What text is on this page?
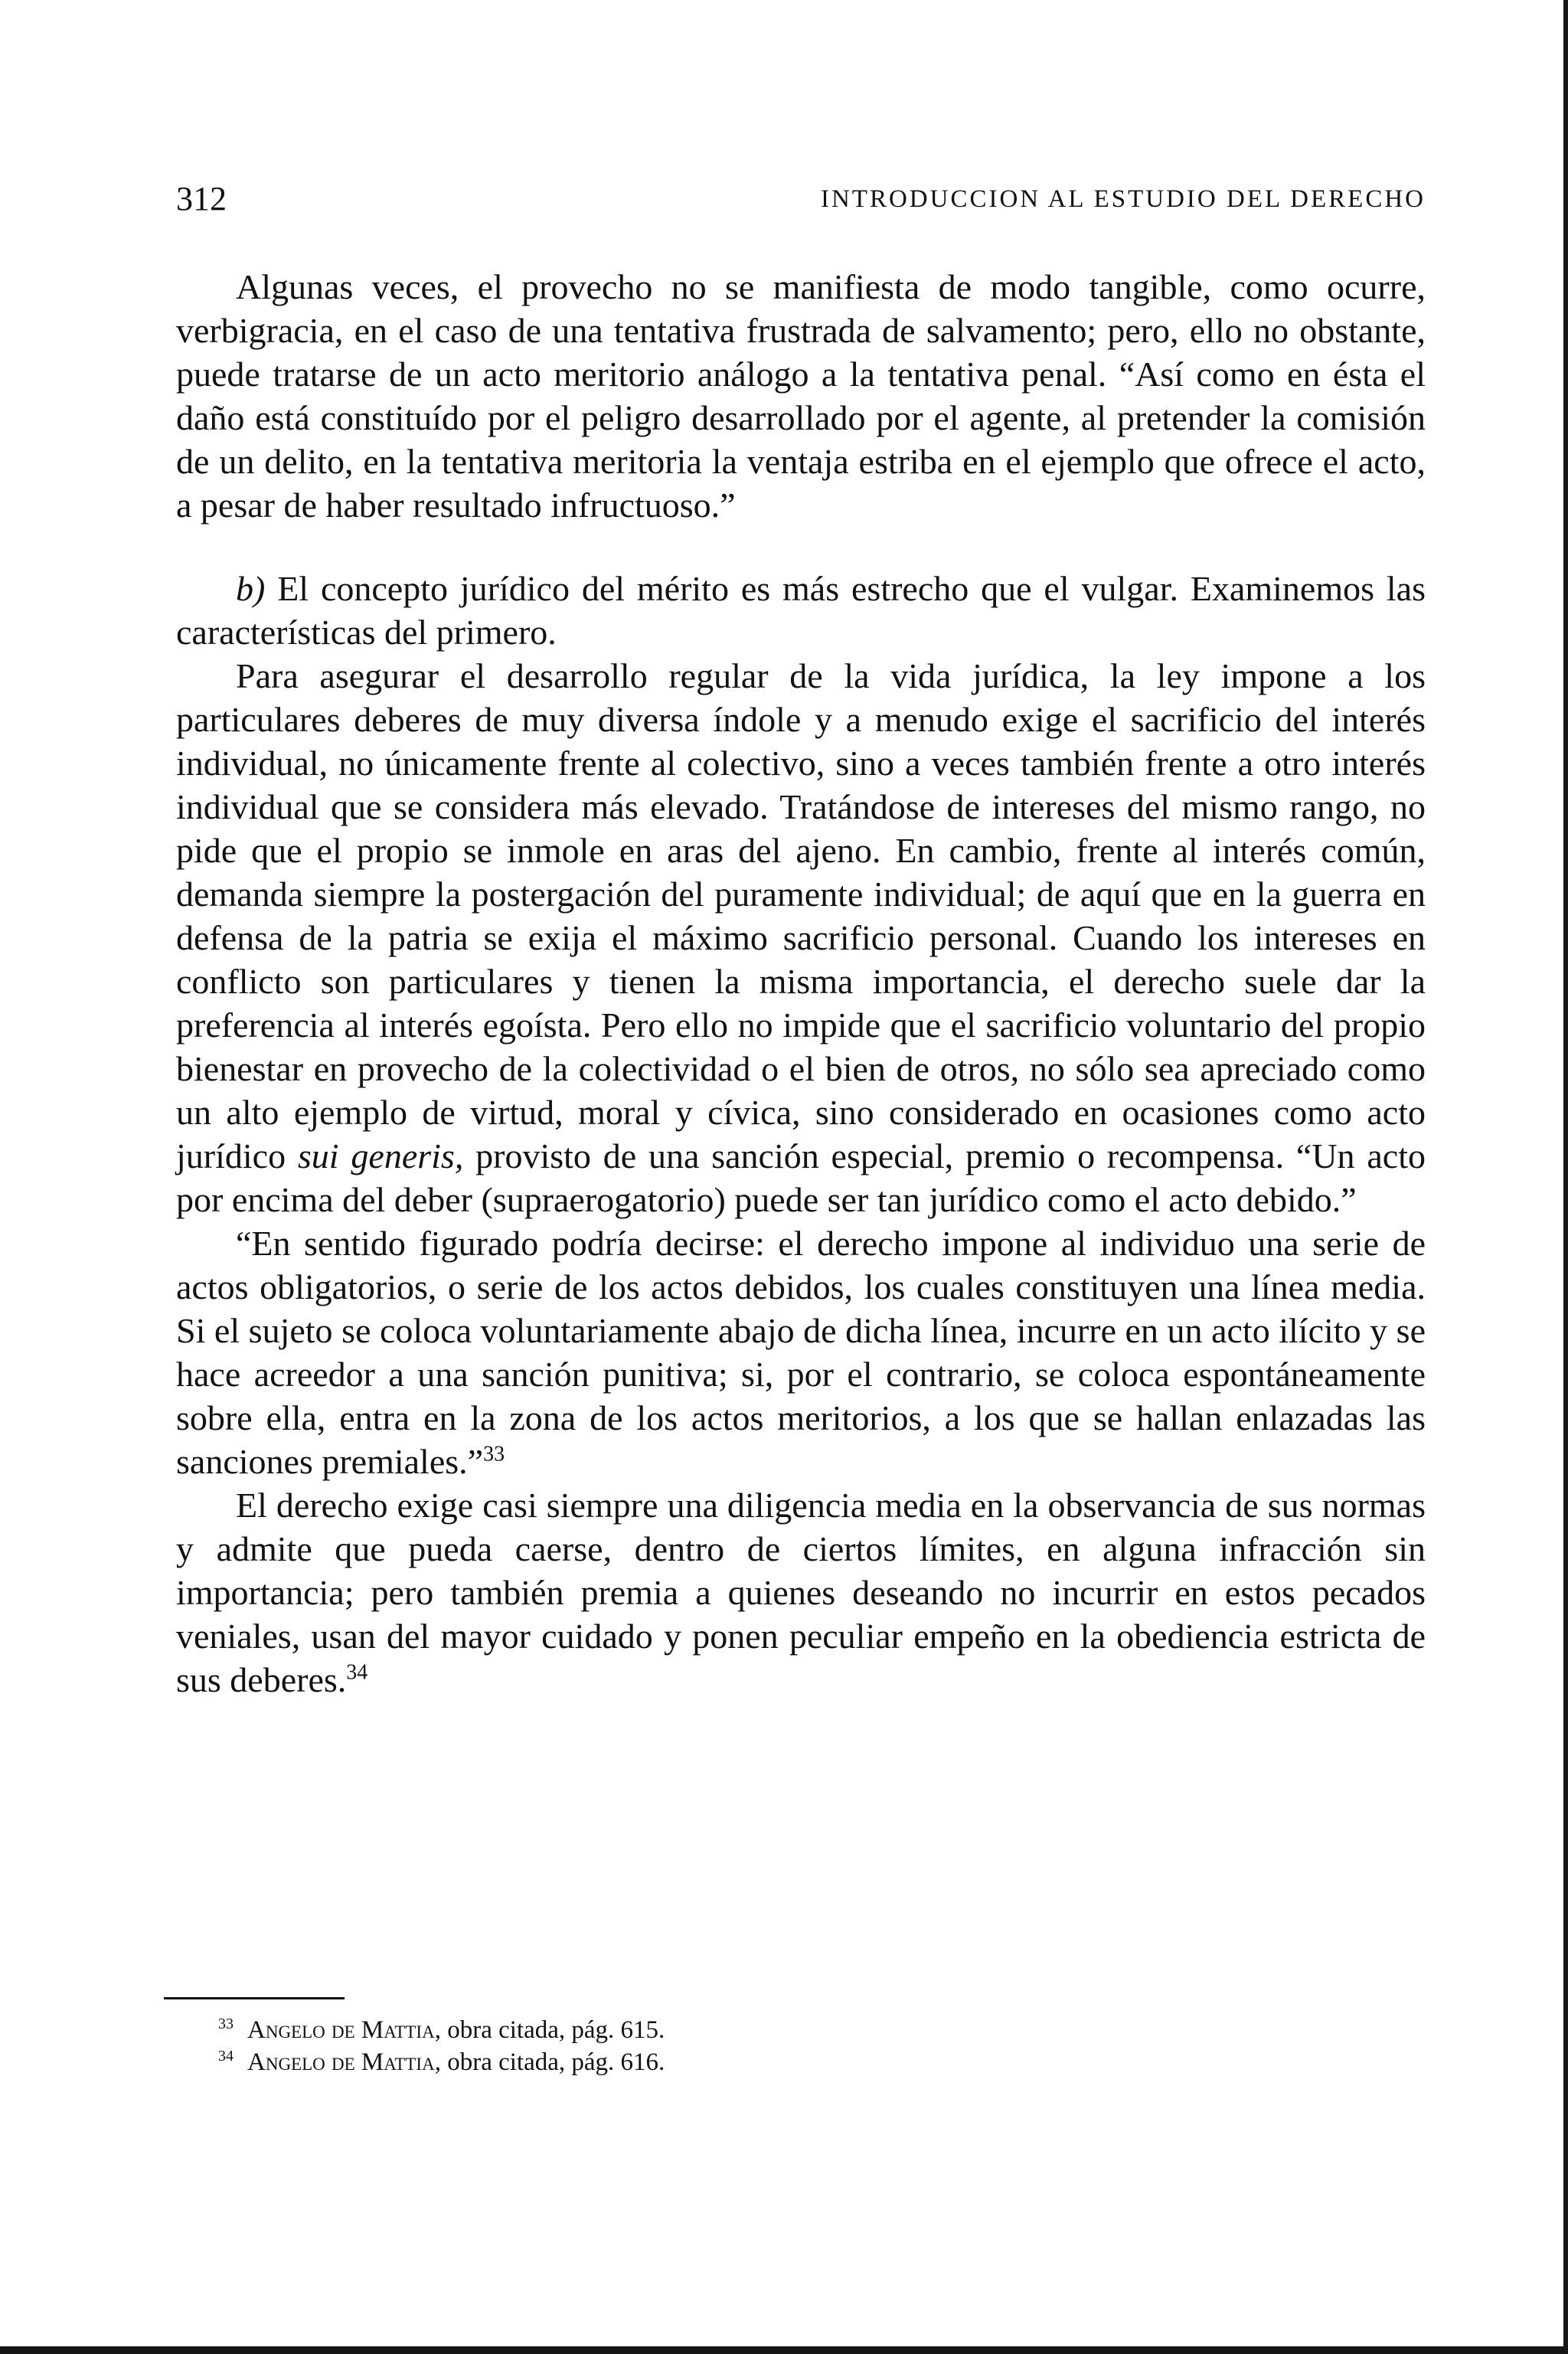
312	INTRODUCCION AL ESTUDIO DEL DERECHO

Algunas veces, el provecho no se manifiesta de modo tangible, como ocurre, verbigracia, en el caso de una tentativa frustrada de salvamento; pero, ello no obstante, puede tratarse de un acto meritorio análogo a la tentativa penal. “Así como en ésta el daño está constituído por el peligro desarrollado por el agente, al pretender la comisión de un delito, en la tentativa meritoria la ventaja estriba en el ejemplo que ofrece el acto, a pesar de haber resultado infructuoso.”

b) El concepto jurídico del mérito es más estrecho que el vulgar. Examinemos las características del primero.

Para asegurar el desarrollo regular de la vida jurídica, la ley impone a los particulares deberes de muy diversa índole y a menudo exige el sacrificio del interés individual, no únicamente frente al colectivo, sino a veces también frente a otro interés individual que se considera más elevado. Tratándose de intereses del mismo rango, no pide que el propio se inmole en aras del ajeno. En cambio, frente al interés común, demanda siempre la postergación del puramente individual; de aquí que en la guerra en defensa de la patria se exija el máximo sacrificio personal. Cuando los intereses en conflicto son particulares y tienen la misma importancia, el derecho suele dar la preferencia al interés egoísta. Pero ello no impide que el sacrificio voluntario del propio bienestar en provecho de la colectividad o el bien de otros, no sólo sea apreciado como un alto ejemplo de virtud, moral y cívica, sino considerado en ocasiones como acto jurídico sui generis, provisto de una sanción especial, premio o recompensa. “Un acto por encima del deber (supraerogatorio) puede ser tan jurídico como el acto debido.”

“En sentido figurado podría decirse: el derecho impone al individuo una serie de actos obligatorios, o serie de los actos debidos, los cuales constituyen una línea media. Si el sujeto se coloca voluntariamente abajo de dicha línea, incurre en un acto ilícito y se hace acreedor a una sanción punitiva; si, por el contrario, se coloca espontáneamente sobre ella, entra en la zona de los actos meritorios, a los que se hallan enlazadas las sanciones premiales.”$^{33}$

El derecho exige casi siempre una diligencia media en la observancia de sus normas y admite que pueda caerse, dentro de ciertos límites, en alguna infracción sin importancia; pero también premia a quienes deseando no incurrir en estos pecados veniales, usan del mayor cuidado y ponen peculiar empeño en la obediencia estricta de sus deberes.$^{34}$

$^{33}$ Angelo de Mattia, obra citada, pág. 615.
$^{34}$ Angelo de Mattia, obra citada, pág. 616.
